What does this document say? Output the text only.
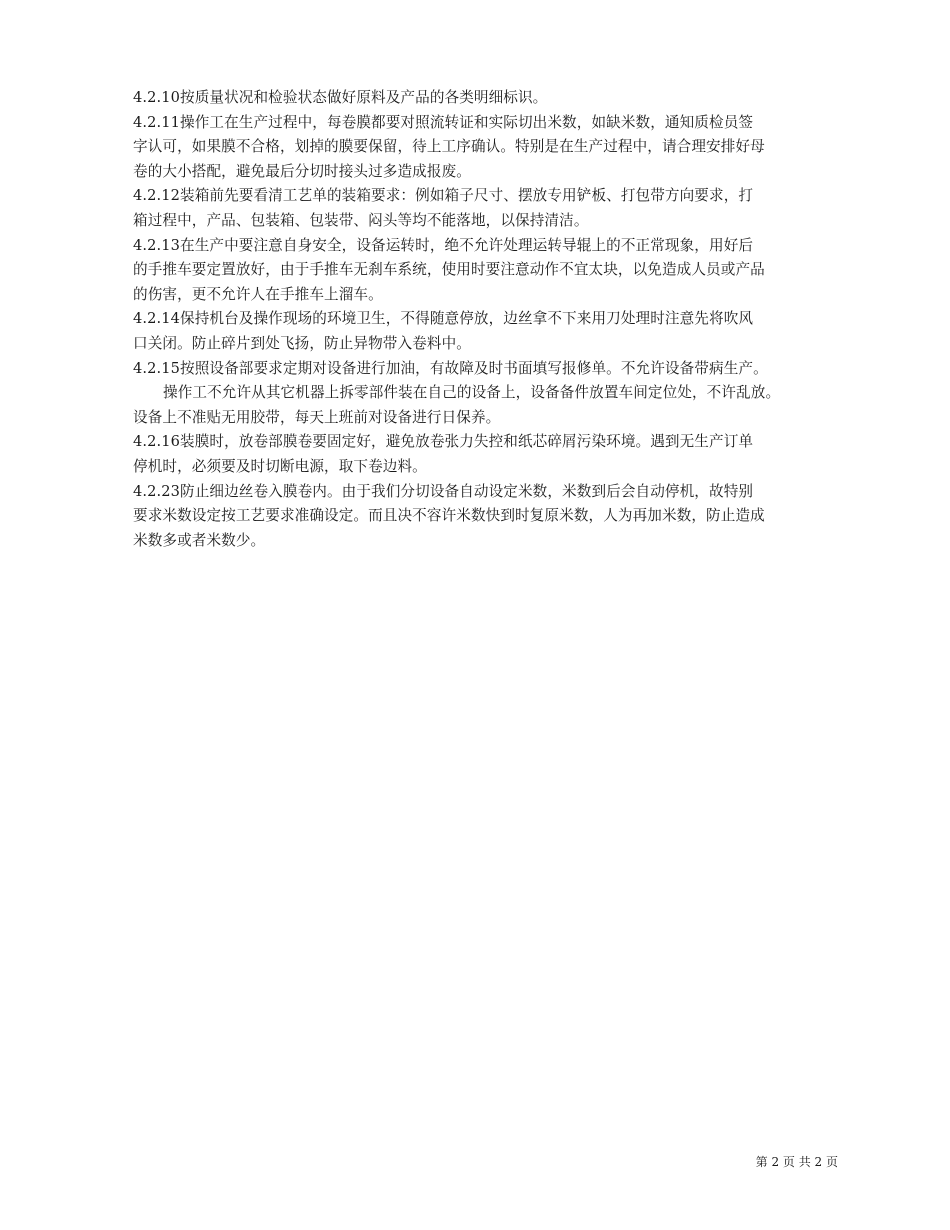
4.2.10按质量状况和检验状态做好原料及产品的各类明细标识。
4.2.11操作工在生产过程中，每卷膜都要对照流转证和实际切出米数，如缺米数，通知质检员签
字认可，如果膜不合格，划掉的膜要保留，待上工序确认。特别是在生产过程中，请合理安排好母
卷的大小搭配，避免最后分切时接头过多造成报废。
4.2.12装箱前先要看清工艺单的装箱要求：例如箱子尺寸、摆放专用铲板、打包带方向要求，打
箱过程中，产品、包装箱、包装带、闷头等均不能落地，以保持清洁。
4.2.13在生产中要注意自身安全，设备运转时，绝不允许处理运转导辊上的不正常现象，用好后
的手推车要定置放好，由于手推车无刹车系统，使用时要注意动作不宜太块，以免造成人员或产品
的伤害，更不允许人在手推车上溜车。
4.2.14保持机台及操作现场的环境卫生，不得随意停放，边丝拿不下来用刀处理时注意先将吹风
口关闭。防止碎片到处飞扬，防止异物带入卷料中。
4.2.15按照设备部要求定期对设备进行加油，有故障及时书面填写报修单。不允许设备带病生产。
操作工不允许从其它机器上拆零部件装在自己的设备上，设备备件放置车间定位处，不许乱放。
设备上不准贴无用胶带，每天上班前对设备进行日保养。
4.2.16装膜时，放卷部膜卷要固定好，避免放卷张力失控和纸芯碎屑污染环境。遇到无生产订单
停机时，必须要及时切断电源，取下卷边料。
4.2.23防止细边丝卷入膜卷内。由于我们分切设备自动设定米数，米数到后会自动停机，故特别
要求米数设定按工艺要求准确设定。而且决不容许米数快到时复原米数，人为再加米数，防止造成
米数多或者米数少。
第 2 页 共 2 页
